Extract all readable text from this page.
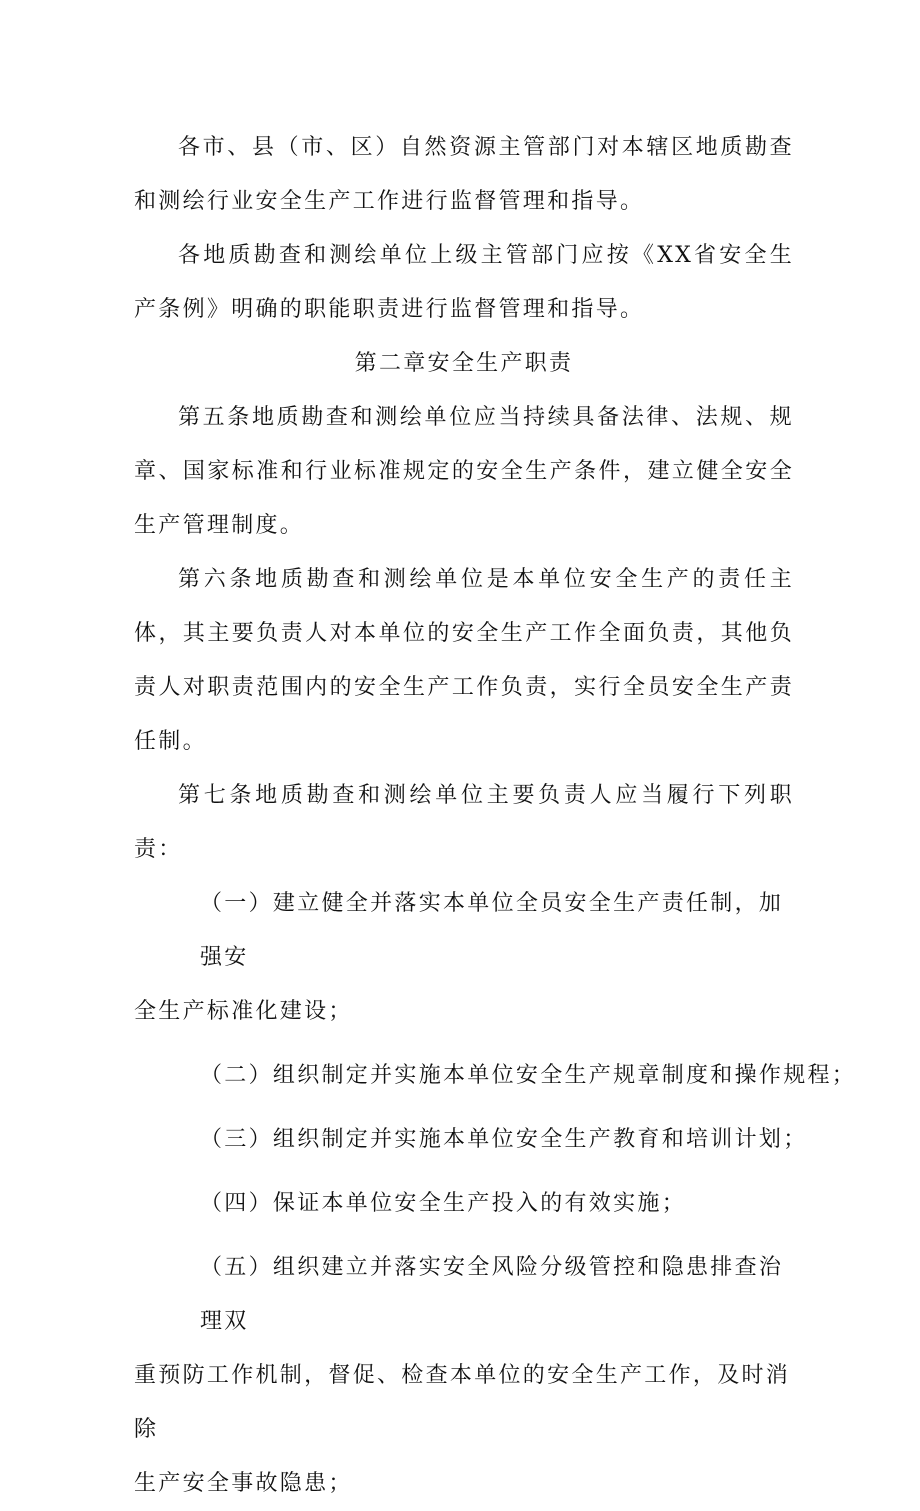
各市、县（市、区）自然资源主管部门对本辖区地质勘查和测绘行业安全生产工作进行监督管理和指导。

各地质勘查和测绘单位上级主管部门应按《XX省安全生产条例》明确的职能职责进行监督管理和指导。

第二章安全生产职责

第五条地质勘查和测绘单位应当持续具备法律、法规、规章、国家标准和行业标准规定的安全生产条件，建立健全安全生产管理制度。

第六条地质勘查和测绘单位是本单位安全生产的责任主体，其主要负责人对本单位的安全生产工作全面负责，其他负责人对职责范围内的安全生产工作负责，实行全员安全生产责任制。

第七条地质勘查和测绘单位主要负责人应当履行下列职责：

（一）建立健全并落实本单位全员安全生产责任制，加强安
全生产标准化建设；

（二）组织制定并实施本单位安全生产规章制度和操作规程；

（三）组织制定并实施本单位安全生产教育和培训计划；

（四）保证本单位安全生产投入的有效实施；

（五）组织建立并落实安全风险分级管控和隐患排查治理双
重预防工作机制，督促、检查本单位的安全生产工作，及时消除
生产安全事故隐患；
